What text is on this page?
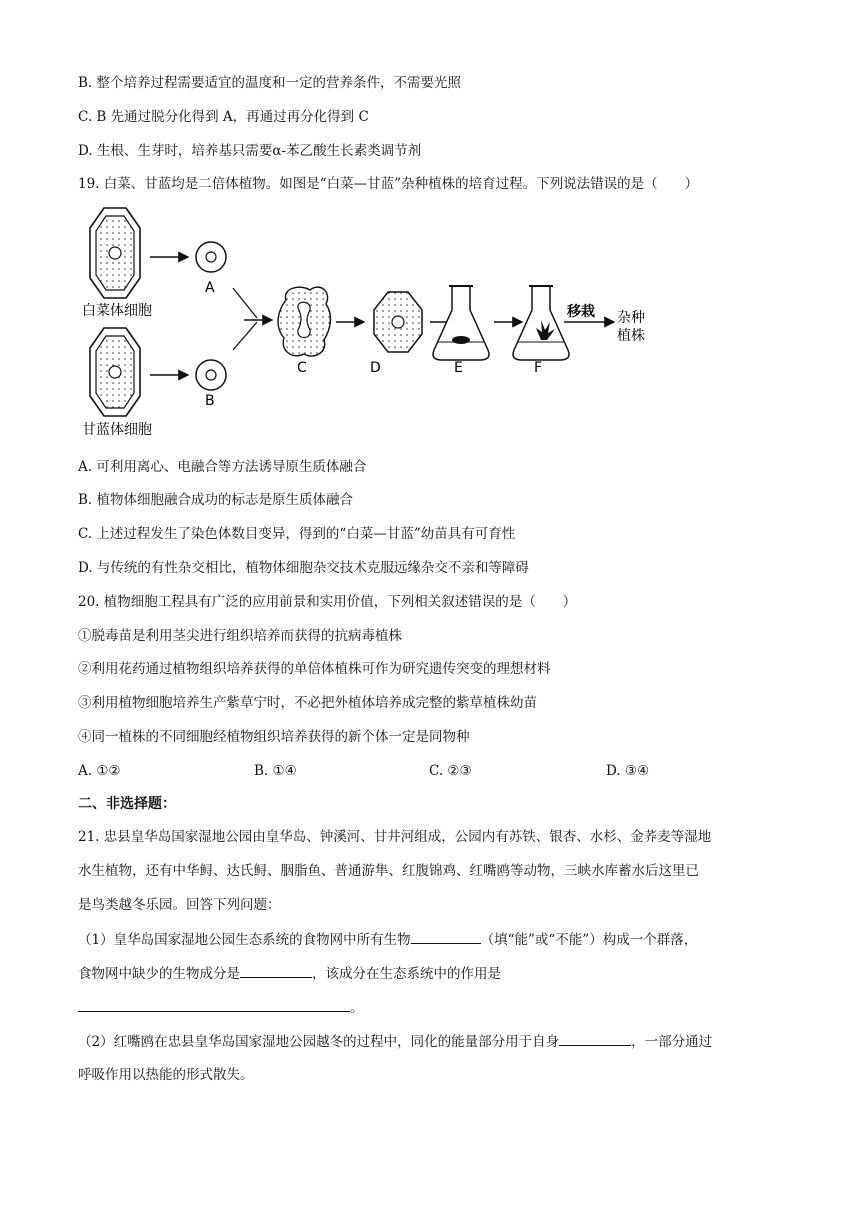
B. 整个培养过程需要适宜的温度和一定的营养条件，不需要光照
C. B 先通过脱分化得到 A，再通过再分化得到 C
D. 生根、生芽时，培养基只需要α-苯乙酸生长素类调节剂
19. 白菜、甘蓝均是二倍体植物。如图是“白菜—甘蓝”杂种植株的培育过程。下列说法错误的是（　　）
白菜体细胞
甘蓝体细胞
A
B
C	D	E	F
移栽 杂种
植株
A. 可利用离心、电融合等方法诱导原生质体融合
B. 植物体细胞融合成功的标志是原生质体融合
C. 上述过程发生了染色体数目变异，得到的“白菜—甘蓝”幼苗具有可育性
D. 与传统的有性杂交相比，植物体细胞杂交技术克服远缘杂交不亲和等障碍
20. 植物细胞工程具有广泛的应用前景和实用价值，下列相关叙述错误的是（　　）
①脱毒苗是利用茎尖进行组织培养而获得的抗病毒植株
②利用花药通过植物组织培养获得的单倍体植株可作为研究遗传突变的理想材料
③利用植物细胞培养生产紫草宁时，不必把外植体培养成完整的紫草植株幼苗
④同一植株的不同细胞经植物组织培养获得的新个体一定是同物种
A. ①②	B. ①④	C. ②③	D. ③④
二、非选择题：
21. 忠县皇华岛国家湿地公园由皇华岛、钟溪河、甘井河组成，公园内有苏铁、银杏、水杉、金荞麦等湿地
水生植物，还有中华鲟、达氏鲟、胭脂鱼、普通游隼、红腹锦鸡、红嘴鸥等动物，三峡水库蓄水后这里已
是鸟类越冬乐园。回答下列问题：
（1）皇华岛国家湿地公园生态系统的食物网中所有生物	（填“能”或“不能”）构成一个群落，
食物网中缺少的生物成分是	，该成分在生态系统中的作用是
。
（2）红嘴鸥在忠县皇华岛国家湿地公园越冬的过程中，同化的能量部分用于自身	，一部分通过
呼吸作用以热能的形式散失。
